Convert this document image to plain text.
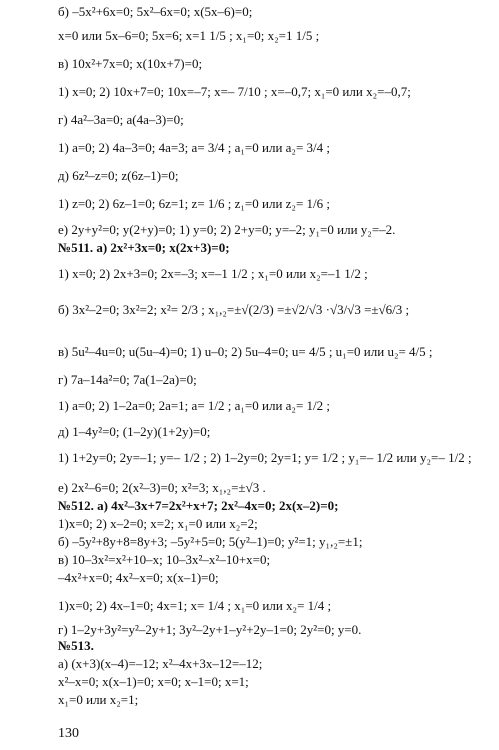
б) –5x²+6x=0; 5x²–6x=0; x(5x–6)=0;
x=0 или 5x–6=0; 5x=6; x=1 1/5 ; x₁=0; x₂=1 1/5 ;
в) 10x²+7x=0; x(10x+7)=0;
1) x=0; 2) 10x+7=0; 10x=–7; x=– 7/10 ; x=–0,7; x₁=0 или x₂=–0,7;
г) 4a²–3a=0; a(4a–3)=0;
1) a=0; 2) 4a–3=0; 4a=3; a= 3/4 ; a₁=0 или a₂= 3/4 ;
д) 6z²–z=0; z(6z–1)=0;
1) z=0; 2) 6z–1=0; 6z=1; z= 1/6 ; z₁=0 или z₂= 1/6 ;
е) 2y+y²=0; y(2+y)=0; 1) y=0; 2) 2+y=0; y=–2; y₁=0 или y₂=–2.
№511. а) 2x²+3x=0; x(2x+3)=0;
1) x=0; 2) 2x+3=0; 2x=–3; x=–1 1/2 ; x₁=0 или x₂=–1 1/2 ;
б) 3x²–2=0; 3x²=2; x²= 2/3 ; x₁,₂=±√(2/3) =±√2/√3 ·√3/√3 =±√6/3 ;
в) 5u²–4u=0; u(5u–4)=0; 1) u–0; 2) 5u–4=0; u= 4/5 ; u₁=0 или u₂= 4/5 ;
г) 7a–14a²=0; 7a(1–2a)=0;
1) a=0; 2) 1–2a=0; 2a=1; a= 1/2 ; a₁=0 или a₂= 1/2 ;
д) 1–4y²=0; (1–2y)(1+2y)=0;
1) 1+2y=0; 2y=–1; y=– 1/2 ; 2) 1–2y=0; 2y=1; y= 1/2 ; y₁=– 1/2 или y₂=– 1/2 ;
е) 2x²–6=0; 2(x²–3)=0; x²=3; x₁,₂=±√3 .
№512. а) 4x²–3x+7=2x²+x+7; 2x²–4x=0; 2x(x–2)=0;
1)x=0; 2) x–2=0; x=2; x₁=0 или x₂=2;
б) –5y²+8y+8=8y+3; –5y²+5=0; 5(y²–1)=0; y²=1; y₁,₂=±1;
в) 10–3x²=x²+10–x; 10–3x²–x²–10+x=0;
–4x²+x=0; 4x²–x=0; x(x–1)=0;
1)x=0; 2) 4x–1=0; 4x=1; x= 1/4 ; x₁=0 или x₂= 1/4 ;
г) 1–2y+3y²=y²–2y+1; 3y²–2y+1–y²+2y–1=0; 2y²=0; y=0.
№513.
а) (x+3)(x–4)=–12; x²–4x+3x–12=–12;
x²–x=0; x(x–1)=0; x=0; x–1=0; x=1;
x₁=0 или x₂=1;
130
